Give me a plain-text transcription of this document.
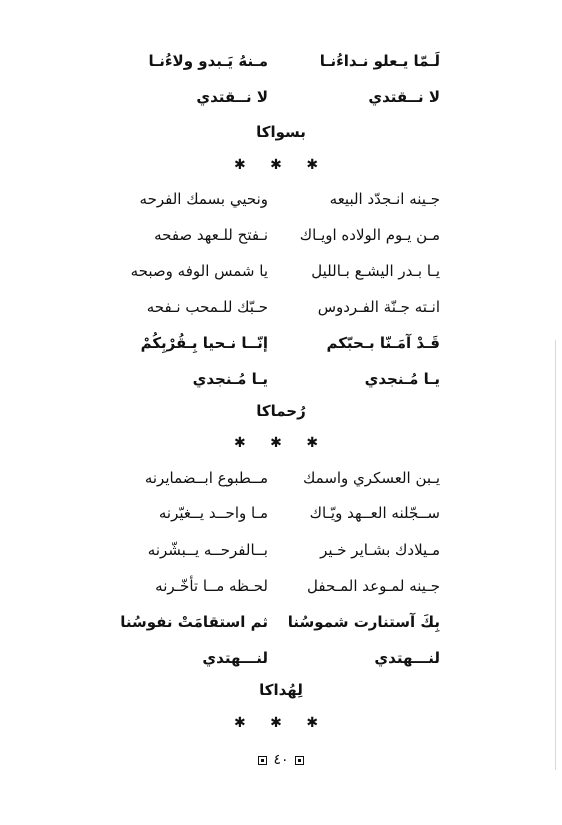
لَـمّا يـعلو نـداءُنـا
مـنهُ يَـبدو ولاءُنـا
لا نــقتدي
لا نــقتدي
بسواكا
✱ ✱ ✱
جـينه انـجدّد البيعه
ونحيي بسمك الفرحه
مـن يـوم الولاده اويـاك
نـفتح للـعهد صفحه
يـا بـدر اليشـع بـالليل
يا شمس الوفه وصبحه
انـته جـنّة الفـردوس
حـبّك للـمحب نـفحه
قَـدْ آمَـنّا بـحبّكم
إنّــا نـحيا بِـقُرْبِكُمْ
يـا مُـنجدي
يـا مُـنجدي
رُحماكا
✱ ✱ ✱
يـبن العسكري واسمك
مــطبوع ابــضمايرنه
ســجّلنه العــهد ويّـاك
مـا واحــد يــغيّرنه
مـيلادك بشـاير خـير
بــالفرحــه يــبشّرنه
جـينه لمـوعد المـحفل
لحـظه مــا تأخّـرنه
بِكَ آستنارت شموسُنا
ثم استقامَتْ نفوسُنا
لنـــهتدي
لنـــهتدي
لِهُداكا
✱ ✱ ✱
٤٠
